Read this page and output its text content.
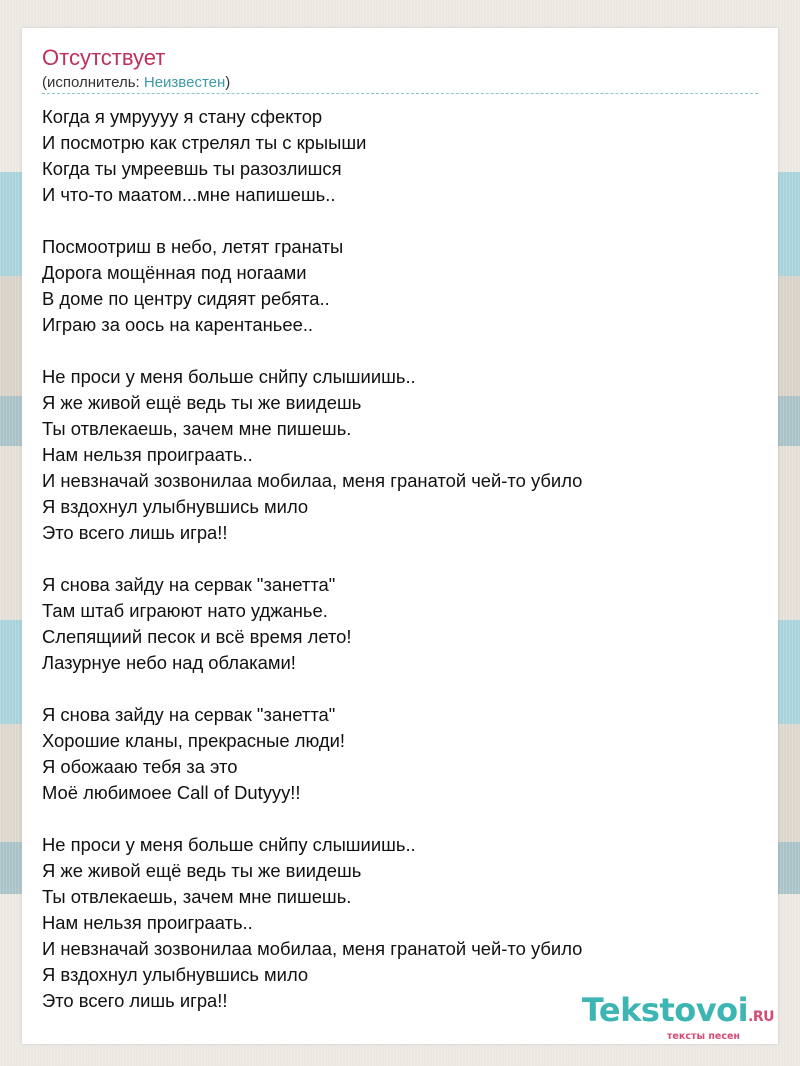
Отсутствует
(исполнитель: Неизвестен)
Когда я умруууу я стану сфектор
И посмотрю как стрелял ты с крыыши
Когда ты умреевшь ты разозлишся
И что-то маатом...мне напишешь..
Посмоотриш в небо, летят гранаты
Дорога мощённая под ногаами
В доме по центру сидяят ребята..
Играю за оось на карентаньее..
Не проси у меня больше снйпу слышиишь..
Я же живой ещё ведь ты же виидешь
Ты отвлекаешь, зачем мне пишешь.
Нам нельзя проиграать..
И невзначай зозвонилаа мобилаа, меня гранатой чей-то убило
Я вздохнул улыбнувшись мило
Это всего лишь игра!!
Я снова зайду на сервак "занетта"
Там штаб играюют нато уджанье.
Слепящиий песок и всё время лето!
Лазурнуе небо над облаками!
Я снова зайду на сервак "занетта"
Хорошие кланы, прекрасные люди!
Я обожааю тебя за это
Моё любимоее Call of Dutyyy!!
Не проси у меня больше снйпу слышиишь..
Я же живой ещё ведь ты же виидешь
Ты отвлекаешь, зачем мне пишешь.
Нам нельзя проиграать..
И невзначай зозвонилаа мобилаа, меня гранатой чей-то убило
Я вздохнул улыбнувшись мило
Это всего лишь игра!!	Tekstovoi.RU
тексты песен
